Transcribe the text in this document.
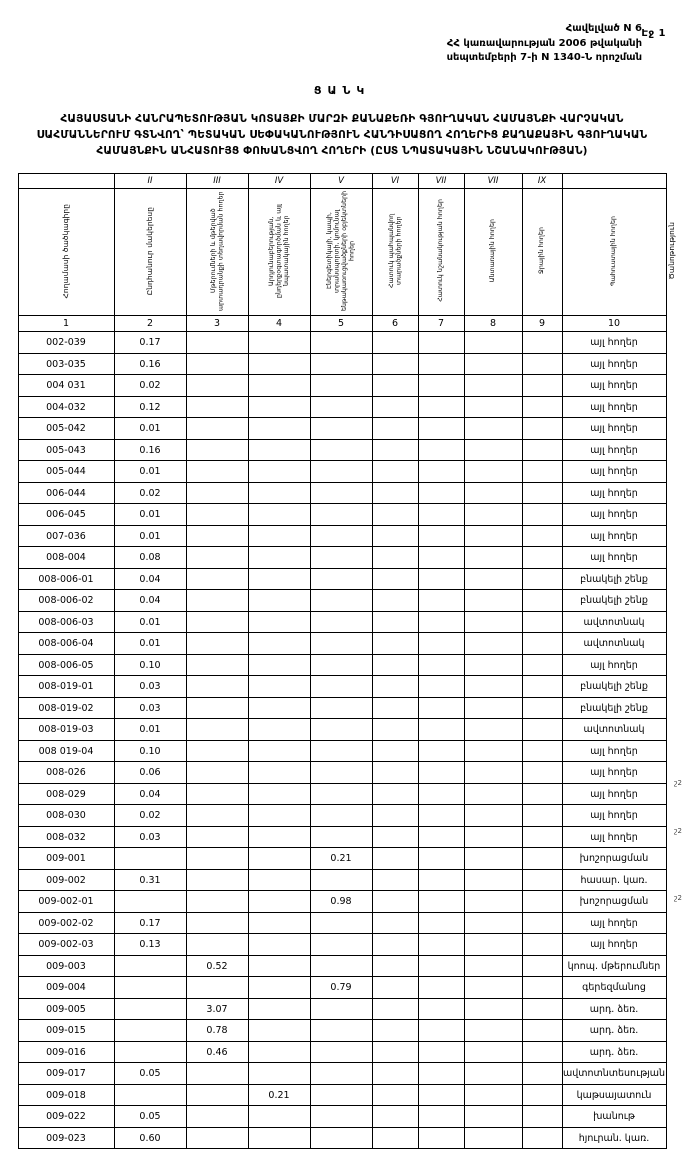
Էջ 1
Հավելված N 6
ՀՀ կառավարության 2006 թվականի
սեպտեմբերի 7-ի N 1340-Ն որոշման
ՑԱՆԿ
ՀԱՅԱՍՏԱՆԻ ՀԱՆՐԱՊԵՏՈՒԹՅԱՆ ԿՈՏԱՅՔԻ ՄԱՐԶԻ ՔԱՆԱՔԵՌԻ ԳՅՈՒՂԱԿԱՆ ՀԱՄԱՅՆՔԻ ՎԱՐՉԱԿԱՆ ՍԱՀՄԱՆՆԵՐՈՒՄ ԳՏՆՎՈՂ՝ ՊԵՏԱԿԱՆ ՍԵՓԱԿԱՆՈՒԹՅՈՒՆ ՀԱՆԴԻՍԱՑՈՂ ՀՈՂԵՐԻՑ ՔԱՂԱՔԱՅԻՆ ԳՅՈՒՂԱԿԱՆ ՀԱՄԱՅՆՔԻՆ ԱՆՀԱՏՈՒՅՑ ՓՈԽԱՆՑՎՈՂ ՀՈՂԵՐԻ (ԸՍՏ ՆՊԱՏԱԿԱՅԻՆ ՆՇԱՆԱԿՈՒԹՅԱՆ)
	II	III	IV	V	VI	VII	VII	IX		
Հողամասի ծածկագիրը	Ընդհանուր մակերեսը	Մթերումների և մթերված արտադրանքի տեղավորման հողեր	Արդյունաբերության, ընդերքօգտագործման և այլ նպատակային հողեր	Էներգետիկայի, կապի, տրանսպորտի, կոմունալ ենթակառուցվածքների օբյեկտների հողեր	Հատուկ պահպանվող տարածքների հողեր	Հատուկ նշանակության հողեր	Անտառային հողեր	Ջրային հողեր	Պահուստային հողեր	Ծանոթություն
1	2	3	4	5	6	7	8	9	10	
002-039	0.17								այլ հողեր	
003-035	0.16								այլ հողեր	
004 031	0.02								այլ հողեր	
004-032	0.12								այլ հողեր	
005-042	0.01								այլ հողեր	
005-043	0.16								այլ հողեր	
005-044	0.01								այլ հողեր	
006-044	0.02								այլ հողեր	
006-045	0.01								այլ հողեր	
007-036	0.01								այլ հողեր	
008-004	0.08								այլ հողեր	
008-006-01	0.04								բնակելի շենք	
008-006-02	0.04								բնակելի շենք	
008-006-03	0.01								ավտոտնակ	
008-006-04	0.01								ավտոտնակ	
008-006-05	0.10								այլ հողեր	
008-019-01	0.03								բնակելի շենք	
008-019-02	0.03								բնակելի շենք	
008-019-03	0.01								ավտոտնակ	
008 019-04	0.10								այլ հողեր	
008-026	0.06								այլ հողեր	
008-029	0.04								այլ հողեր	
008-030	0.02								այլ հողեր	
008-032	0.03								այլ հողեր	
009-001				0.21					խոշորացման	
009-002	0.31								հասար. կառ.	
009-002-01				0.98					խոշորացման	
009-002-02	0.17								այլ հողեր	
009-002-03	0.13								այլ հողեր	
009-003		0.52							կոոպ. մթերումներ	
009-004				0.79					գերեզմանոց	
009-005		3.07							արդ. ձեռ.	
009-015		0.78							արդ. ձեռ.	
009-016		0.46							արդ. ձեռ.	
009-017	0.05								ավտոտնտեսության	
009-018			0.21						կաթսայատուն	
009-022	0.05								խանութ	
009-023	0.60								հյուրան. կառ.	
շ2
շ2
շ2
